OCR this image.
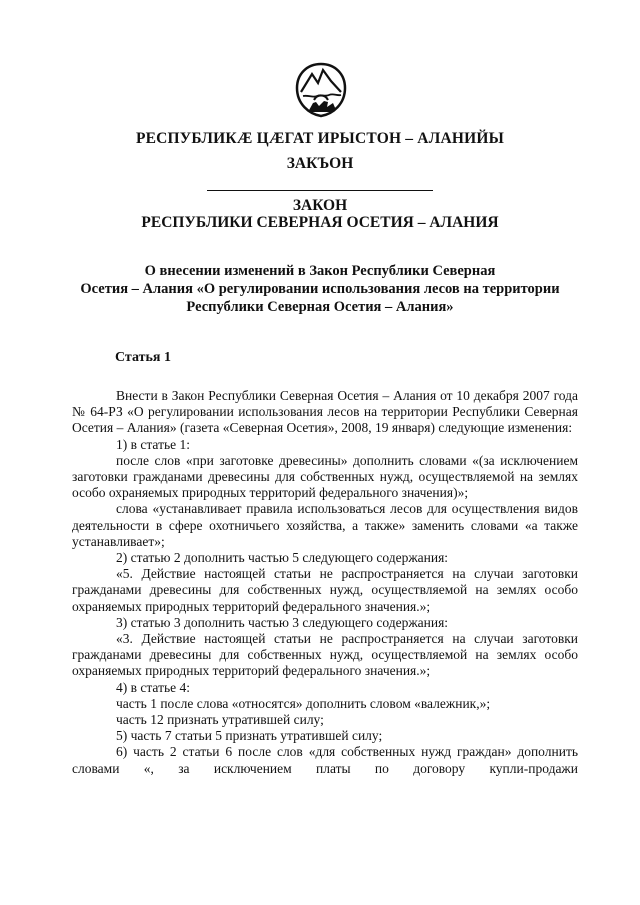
РЕСПУБЛИКӔ ЦӔГАТ ИРЫСТОН – АЛАНИЙЫ
ЗАКЪОН
ЗАКОН
РЕСПУБЛИКИ СЕВЕРНАЯ ОСЕТИЯ – АЛАНИЯ
О внесении изменений в Закон Республики Северная
Осетия – Алания «О регулировании использования лесов на территории
Республики Северная Осетия – Алания»
Статья 1

Внести в Закон Республики Северная Осетия – Алания от 10 декабря 2007 года № 64-РЗ «О регулировании использования лесов на территории Республики Северная Осетия – Алания» (газета «Северная Осетия», 2008, 19 января) следующие изменения:

1) в статье 1:

после слов «при заготовке древесины» дополнить словами «(за исключением заготовки гражданами древесины для собственных нужд, осуществляемой на землях особо охраняемых природных территорий федерального значения)»;

слова «устанавливает правила использоваться лесов для осуществления видов деятельности в сфере охотничьего хозяйства, а также» заменить словами «а также устанавливает»;

2) статью 2 дополнить частью 5 следующего содержания:

«5. Действие настоящей статьи не распространяется на случаи заготовки гражданами древесины для собственных нужд, осуществляемой на землях особо охраняемых природных территорий федерального значения.»;

3) статью 3 дополнить частью 3 следующего содержания:

«3. Действие настоящей статьи не распространяется на случаи заготовки гражданами древесины для собственных нужд, осуществляемой на землях особо охраняемых природных территорий федерального значения.»;

4) в статье 4:

часть 1 после слова «относятся» дополнить словом «валежник,»;

часть 12 признать утратившей силу;

5) часть 7 статьи 5 признать утратившей силу;

6) часть 2 статьи 6 после слов «для собственных нужд граждан» дополнить словами «, за исключением платы по договору купли-продажи
